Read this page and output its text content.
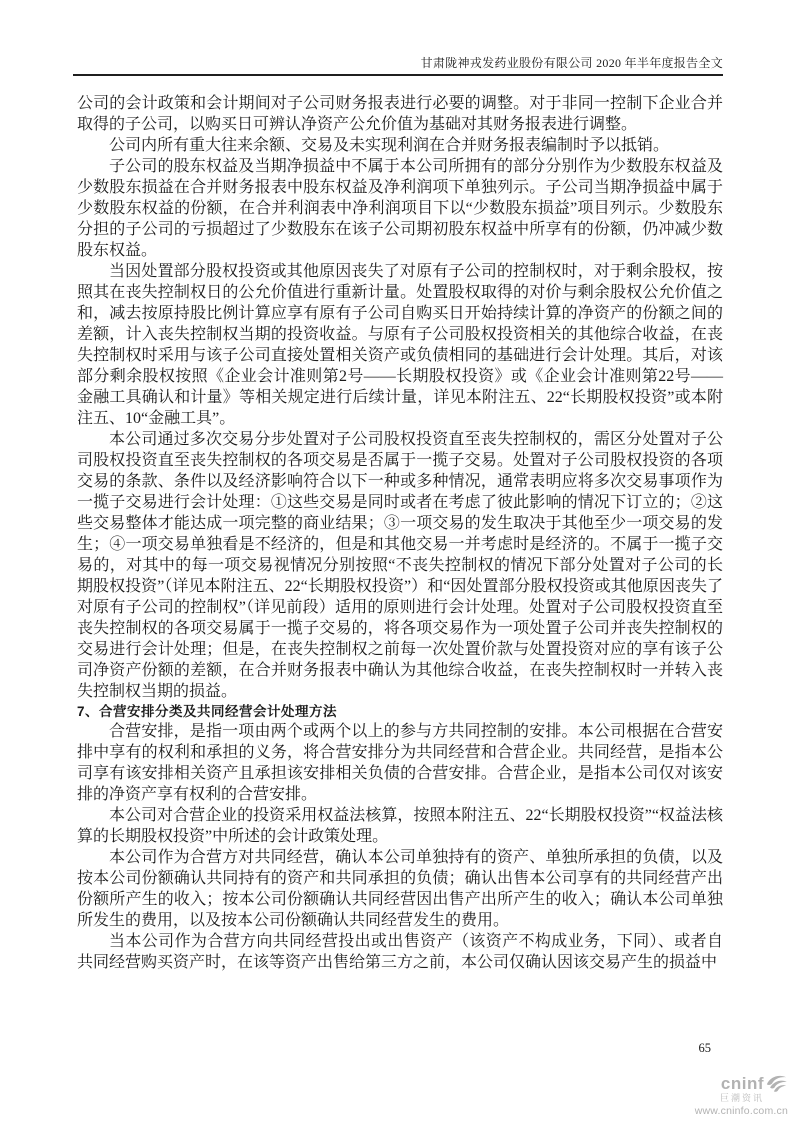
甘肃陇神戎发药业股份有限公司 2020 年半年度报告全文

公司的会计政策和会计期间对子公司财务报表进行必要的调整。对于非同一控制下企业合并取得的子公司，以购买日可辨认净资产公允价值为基础对其财务报表进行调整。

公司内所有重大往来余额、交易及未实现利润在合并财务报表编制时予以抵销。

子公司的股东权益及当期净损益中不属于本公司所拥有的部分分别作为少数股东权益及少数股东损益在合并财务报表中股东权益及净利润项下单独列示。子公司当期净损益中属于少数股东权益的份额，在合并利润表中净利润项目下以“少数股东损益”项目列示。少数股东分担的子公司的亏损超过了少数股东在该子公司期初股东权益中所享有的份额，仍冲减少数股东权益。

当因处置部分股权投资或其他原因丧失了对原有子公司的控制权时，对于剩余股权，按照其在丧失控制权日的公允价值进行重新计量。处置股权取得的对价与剩余股权公允价值之和，减去按原持股比例计算应享有原有子公司自购买日开始持续计算的净资产的份额之间的差额，计入丧失控制权当期的投资收益。与原有子公司股权投资相关的其他综合收益，在丧失控制权时采用与该子公司直接处置相关资产或负债相同的基础进行会计处理。其后，对该部分剩余股权按照《企业会计准则第2号——长期股权投资》或《企业会计准则第22号——金融工具确认和计量》等相关规定进行后续计量，详见本附注五、22“长期股权投资”或本附注五、10“金融工具”。

本公司通过多次交易分步处置对子公司股权投资直至丧失控制权的，需区分处置对子公司股权投资直至丧失控制权的各项交易是否属于一揽子交易。处置对子公司股权投资的各项交易的条款、条件以及经济影响符合以下一种或多种情况，通常表明应将多次交易事项作为一揽子交易进行会计处理：①这些交易是同时或者在考虑了彼此影响的情况下订立的；②这些交易整体才能达成一项完整的商业结果；③一项交易的发生取决于其他至少一项交易的发生；④一项交易单独看是不经济的，但是和其他交易一并考虑时是经济的。不属于一揽子交易的，对其中的每一项交易视情况分别按照“不丧失控制权的情况下部分处置对子公司的长期股权投资”（详见本附注五、22“长期股权投资”）和“因处置部分股权投资或其他原因丧失了对原有子公司的控制权”（详见前段）适用的原则进行会计处理。处置对子公司股权投资直至丧失控制权的各项交易属于一揽子交易的，将各项交易作为一项处置子公司并丧失控制权的交易进行会计处理；但是，在丧失控制权之前每一次处置价款与处置投资对应的享有该子公司净资产份额的差额，在合并财务报表中确认为其他综合收益，在丧失控制权时一并转入丧失控制权当期的损益。

7、合营安排分类及共同经营会计处理方法

合营安排，是指一项由两个或两个以上的参与方共同控制的安排。本公司根据在合营安排中享有的权利和承担的义务，将合营安排分为共同经营和合营企业。共同经营，是指本公司享有该安排相关资产且承担该安排相关负债的合营安排。合营企业，是指本公司仅对该安排的净资产享有权利的合营安排。

本公司对合营企业的投资采用权益法核算，按照本附注五、22“长期股权投资”“权益法核算的长期股权投资”中所述的会计政策处理。

本公司作为合营方对共同经营，确认本公司单独持有的资产、单独所承担的负债，以及按本公司份额确认共同持有的资产和共同承担的负债；确认出售本公司享有的共同经营产出份额所产生的收入；按本公司份额确认共同经营因出售产出所产生的收入；确认本公司单独所发生的费用，以及按本公司份额确认共同经营发生的费用。

当本公司作为合营方向共同经营投出或出售资产（该资产不构成业务，下同）、或者自共同经营购买资产时，在该等资产出售给第三方之前，本公司仅确认因该交易产生的损益中

65
cninf
巨潮资讯
www.cninfo.com.cn
